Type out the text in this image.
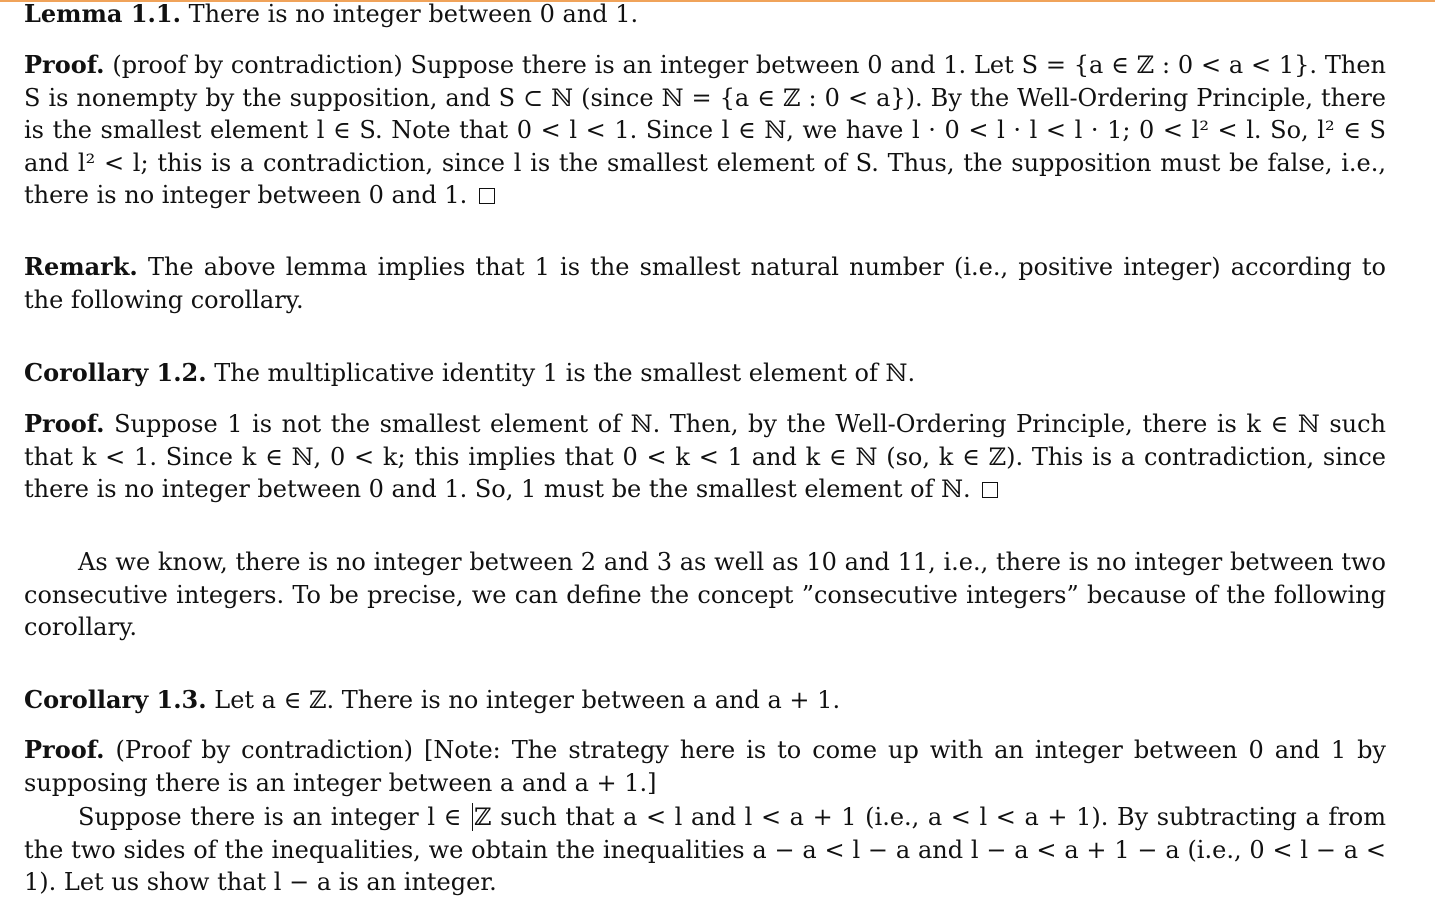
Lemma 1.1. There is no integer between 0 and 1.

Proof. (proof by contradiction) Suppose there is an integer between 0 and 1. Let S = {a ∈ ℤ : 0 < a < 1}. Then S is nonempty by the supposition, and S ⊂ ℕ (since ℕ = {a ∈ ℤ : 0 < a}). By the Well-Ordering Principle, there is the smallest element l ∈ S. Note that 0 < l < 1. Since l ∈ ℕ, we have l · 0 < l · l < l · 1; 0 < l² < l. So, l² ∈ S and l² < l; this is a contradiction, since l is the smallest element of S. Thus, the supposition must be false, i.e., there is no integer between 0 and 1.

Remark. The above lemma implies that 1 is the smallest natural number (i.e., positive integer) according to the following corollary.

Corollary 1.2. The multiplicative identity 1 is the smallest element of ℕ.

Proof. Suppose 1 is not the smallest element of ℕ. Then, by the Well-Ordering Principle, there is k ∈ ℕ such that k < 1. Since k ∈ ℕ, 0 < k; this implies that 0 < k < 1 and k ∈ ℕ (so, k ∈ ℤ). This is a contradiction, since there is no integer between 0 and 1. So, 1 must be the smallest element of ℕ.

As we know, there is no integer between 2 and 3 as well as 10 and 11, i.e., there is no integer between two consecutive integers. To be precise, we can define the concept ”consecutive integers” because of the following corollary.

Corollary 1.3. Let a ∈ ℤ. There is no integer between a and a + 1.

Proof. (Proof by contradiction) [Note: The strategy here is to come up with an integer between 0 and 1 by supposing there is an integer between a and a + 1.]

Suppose there is an integer l ∈ ℤ such that a < l and l < a + 1 (i.e., a < l < a + 1). By subtracting a from the two sides of the inequalities, we obtain the inequalities a − a < l − a and l − a < a + 1 − a (i.e., 0 < l − a < 1). Let us show that l − a is an integer.
